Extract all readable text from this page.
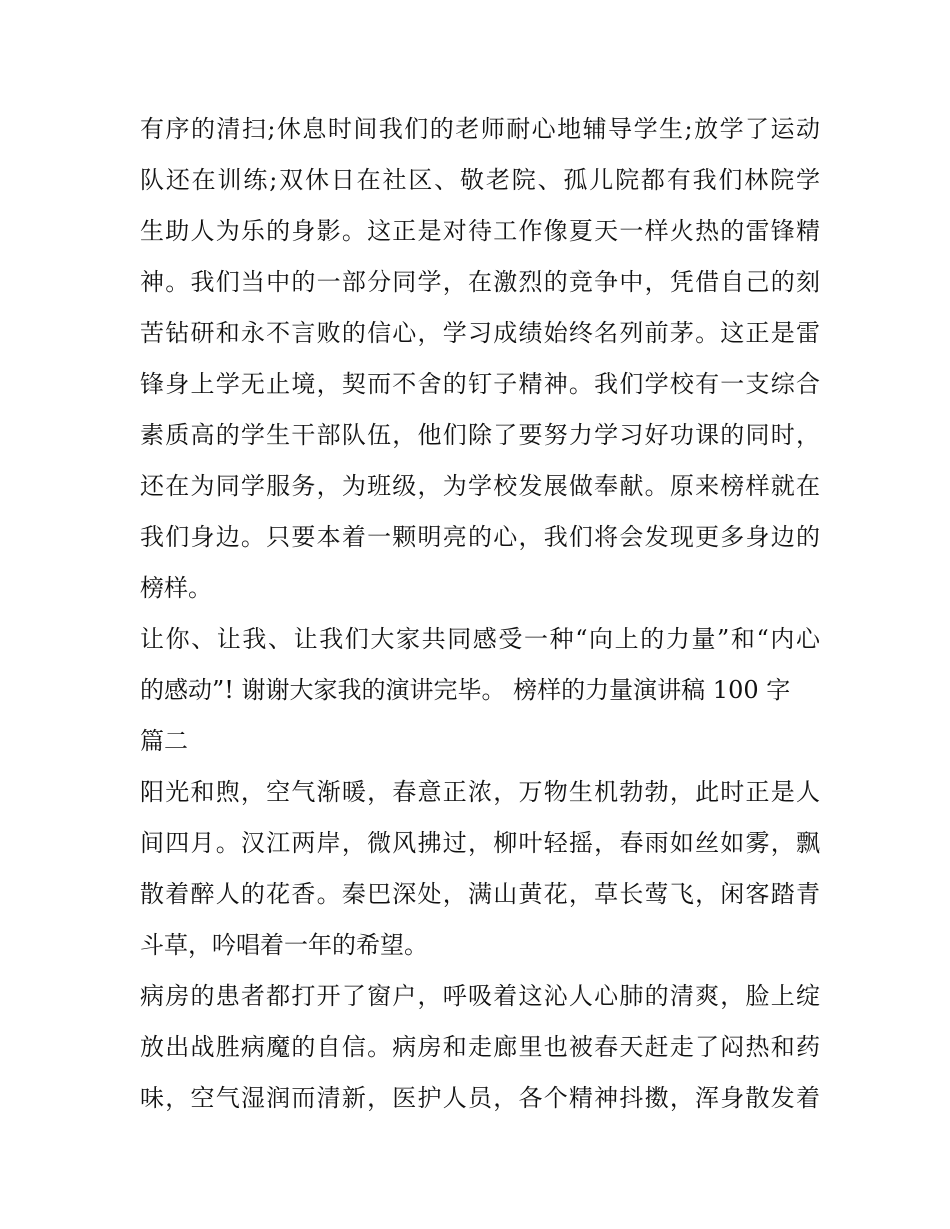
有序的清扫;休息时间我们的老师耐心地辅导学生;放学了运动
队还在训练;双休日在社区、敬老院、孤儿院都有我们林院学
生助人为乐的身影。这正是对待工作像夏天一样火热的雷锋精
神。我们当中的一部分同学，在激烈的竞争中，凭借自己的刻
苦钻研和永不言败的信心，学习成绩始终名列前茅。这正是雷
锋身上学无止境，契而不舍的钉子精神。我们学校有一支综合
素质高的学生干部队伍，他们除了要努力学习好功课的同时，
还在为同学服务，为班级，为学校发展做奉献。原来榜样就在
我们身边。只要本着一颗明亮的心，我们将会发现更多身边的
榜样。
让你、让我、让我们大家共同感受一种“向上的力量”和“内心
的感动”! 谢谢大家我的演讲完毕。 榜样的力量演讲稿 100 字
篇二
阳光和煦，空气渐暖，春意正浓，万物生机勃勃，此时正是人
间四月。汉江两岸，微风拂过，柳叶轻摇，春雨如丝如雾，飘
散着醉人的花香。秦巴深处，满山黄花，草长莺飞，闲客踏青
斗草，吟唱着一年的希望。
病房的患者都打开了窗户，呼吸着这沁人心肺的清爽，脸上绽
放出战胜病魔的自信。病房和走廊里也被春天赶走了闷热和药
味，空气湿润而清新，医护人员，各个精神抖擞，浑身散发着
